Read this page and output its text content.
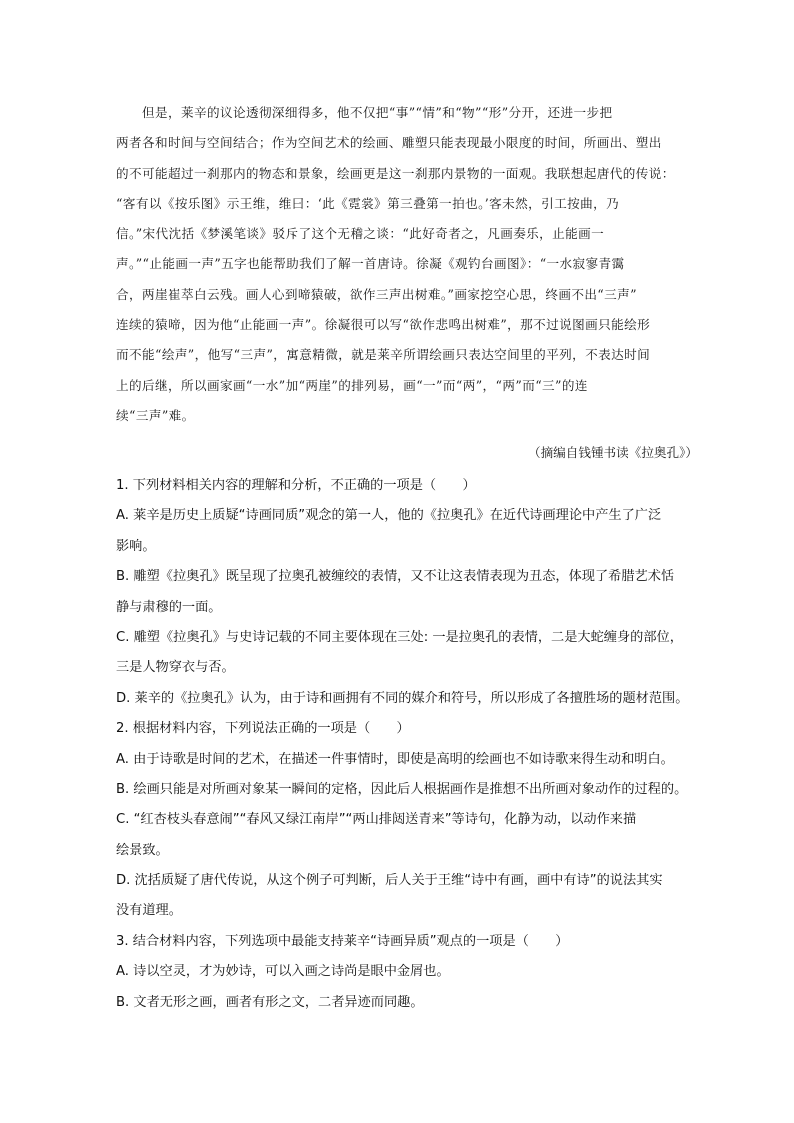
但是，莱辛的议论透彻深细得多，他不仅把“事”“情”和“物”“形”分开，还进一步把
两者各和时间与空间结合；作为空间艺术的绘画、雕塑只能表现最小限度的时间，所画出、塑出
的不可能超过一刹那内的物态和景象，绘画更是这一刹那内景物的一面观。我联想起唐代的传说：
“客有以《按乐图》示王维，维曰：‘此《霓裳》第三叠第一拍也。’客未然，引工按曲，乃
信。”宋代沈括《梦溪笔谈》驳斥了这个无稽之谈：“此好奇者之，凡画奏乐，止能画一
声。”“止能画一声”五字也能帮助我们了解一首唐诗。徐凝《观钓台画图》：“一水寂寥青霭
合，两崖崔萃白云残。画人心到啼猿破，欲作三声出树难。”画家挖空心思，终画不出“三声”
连续的猿啼，因为他“止能画一声”。徐凝很可以写“欲作悲鸣出树难”，那不过说图画只能绘形
而不能“绘声”，他写“三声”，寓意精微，就是莱辛所谓绘画只表达空间里的平列，不表达时间
上的后继，所以画家画“一水”加“两崖”的排列易，画“一”而“两”，“两”而“三”的连
续“三声”难。
（摘编自钱锺书读《拉奥孔》）
1. 下列材料相关内容的理解和分析，不正确的一项是（　　）
A. 莱辛是历史上质疑“诗画同质”观念的第一人，他的《拉奥孔》在近代诗画理论中产生了广泛
影响。
B. 雕塑《拉奥孔》既呈现了拉奥孔被缠绞的表情，又不让这表情表现为丑态，体现了希腊艺术恬
静与肃穆的一面。
C. 雕塑《拉奥孔》与史诗记载的不同主要体现在三处: 一是拉奥孔的表情，二是大蛇缠身的部位，
三是人物穿衣与否。
D. 莱辛的《拉奥孔》认为，由于诗和画拥有不同的媒介和符号，所以形成了各擅胜场的题材范围。
2. 根据材料内容，下列说法正确的一项是（　　）
A. 由于诗歌是时间的艺术，在描述一件事情时，即使是高明的绘画也不如诗歌来得生动和明白。
B. 绘画只能是对所画对象某一瞬间的定格，因此后人根据画作是推想不出所画对象动作的过程的。
C. “红杏枝头春意闹”“春风又绿江南岸”“两山排闼送青来”等诗句，化静为动，以动作来描
绘景致。
D. 沈括质疑了唐代传说，从这个例子可判断，后人关于王维“诗中有画，画中有诗”的说法其实
没有道理。
3. 结合材料内容，下列选项中最能支持莱辛“诗画异质”观点的一项是（　　）
A. 诗以空灵，才为妙诗，可以入画之诗尚是眼中金屑也。
B. 文者无形之画，画者有形之文，二者异迹而同趣。
